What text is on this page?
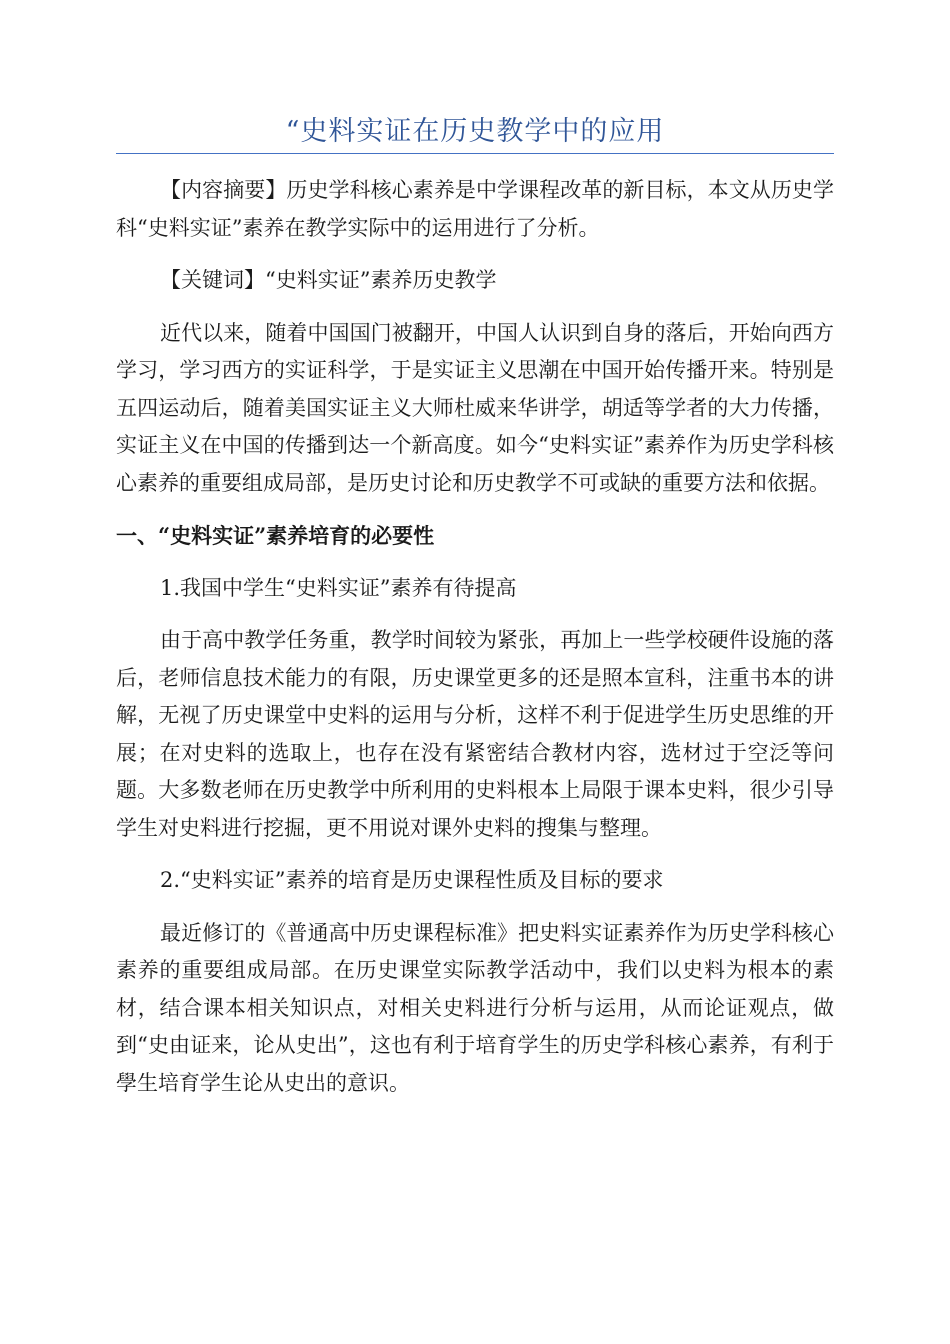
“史料实证在历史教学中的应用

【内容摘要】历史学科核心素养是中学课程改革的新目标，本文从历史学科“史料实证”素养在教学实际中的运用进行了分析。

【关键词】“史料实证”素养历史教学

近代以来，随着中国国门被翻开，中国人认识到自身的落后，开始向西方学习，学习西方的实证科学，于是实证主义思潮在中国开始传播开来。特别是五四运动后，随着美国实证主义大师杜威来华讲学，胡适等学者的大力传播，实证主义在中国的传播到达一个新高度。如今“史料实证”素养作为历史学科核心素养的重要组成局部，是历史讨论和历史教学不可或缺的重要方法和依据。

一、“史料实证”素养培育的必要性

1.我国中学生“史料实证”素养有待提高

由于高中教学任务重，教学时间较为紧张，再加上一些学校硬件设施的落后，老师信息技术能力的有限，历史课堂更多的还是照本宣科，注重书本的讲解，无视了历史课堂中史料的运用与分析，这样不利于促进学生历史思维的开展；在对史料的选取上，也存在没有紧密结合教材内容，选材过于空泛等问题。大多数老师在历史教学中所利用的史料根本上局限于课本史料，很少引导学生对史料进行挖掘，更不用说对课外史料的搜集与整理。

2.“史料实证”素养的培育是历史课程性质及目标的要求

最近修订的《普通高中历史课程标准》把史料实证素养作为历史学科核心素养的重要组成局部。在历史课堂实际教学活动中，我们以史料为根本的素材，结合课本相关知识点，对相关史料进行分析与运用，从而论证观点，做到“史由证来，论从史出”，这也有利于培育学生的历史学科核心素养，有利于學生培育学生论从史出的意识。
